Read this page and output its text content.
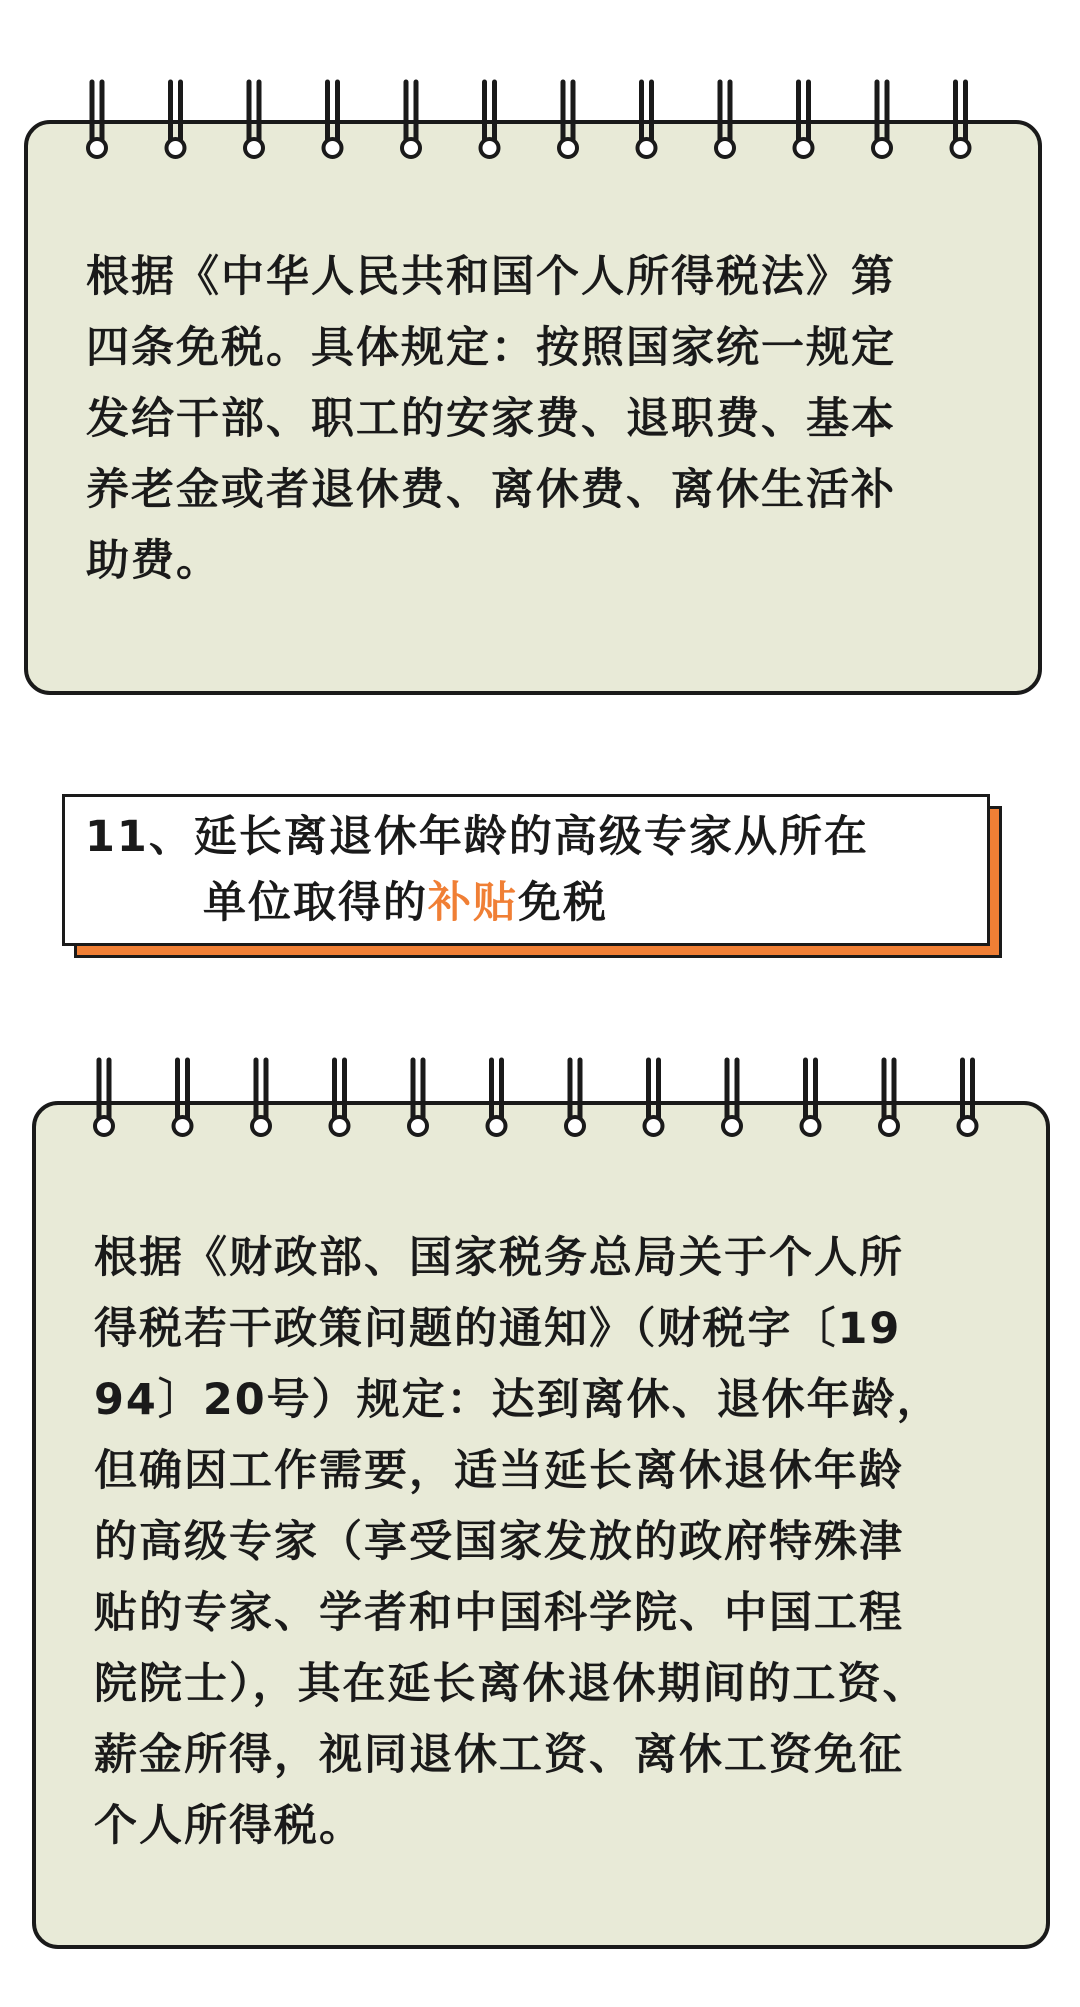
根据《中华人民共和国个人所得税法》第
四条免税。具体规定：按照国家统一规定
发给干部、职工的安家费、退职费、基本
养老金或者退休费、离休费、离休生活补
助费。

11、延长离退休年龄的高级专家从所在

单位取得的补贴免税

根据《财政部、国家税务总局关于个人所
得税若干政策问题的通知》（财税字〔19
94〕20号）规定：达到离休、退休年龄，
但确因工作需要，适当延长离休退休年龄
的高级专家（享受国家发放的政府特殊津
贴的专家、学者和中国科学院、中国工程
院院士），其在延长离休退休期间的工资、
薪金所得，视同退休工资、离休工资免征
个人所得税。
